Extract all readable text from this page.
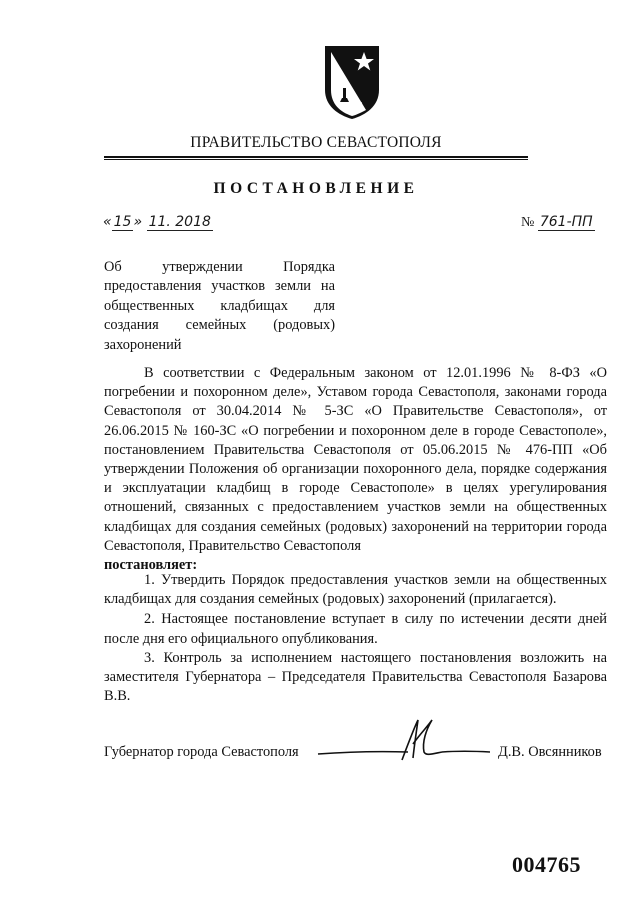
ПРАВИТЕЛЬСТВО СЕВАСТОПОЛЯ
ПОСТАНОВЛЕНИЕ
« 15 » 11. 2018	№ 761-ПП

Об утверждении Порядка

предоставления участков земли на

общественных кладбищах для

создания семейных (родовых)

захоронений

В соответствии с Федеральным законом от 12.01.1996 № 8-ФЗ «О погребении и похоронном деле», Уставом города Севастополя, законами города Севастополя от 30.04.2014 № 5-ЗС «О Правительстве Севастополя», от 26.06.2015 № 160-ЗС «О погребении и похоронном деле в городе Севастополе», постановлением Правительства Севастополя от 05.06.2015 № 476-ПП «Об утверждении Положения об организации похоронного дела, порядке содержания и эксплуатации кладбищ в городе Севастополе» в целях урегулирования отношений, связанных с предоставлением участков земли на общественных кладбищах для создания семейных (родовых) захоронений на территории города Севастополя, Правительство Севастополя
постановляет:

1. Утвердить Порядок предоставления участков земли на общественных кладбищах для создания семейных (родовых) захоронений (прилагается).

2. Настоящее постановление вступает в силу по истечении десяти дней после дня его официального опубликования.

3. Контроль за исполнением настоящего постановления возложить на заместителя Губернатора – Председателя Правительства Севастополя Базарова В.В.

Губернатор города Севастополя	Д.В. Овсянников
004765
